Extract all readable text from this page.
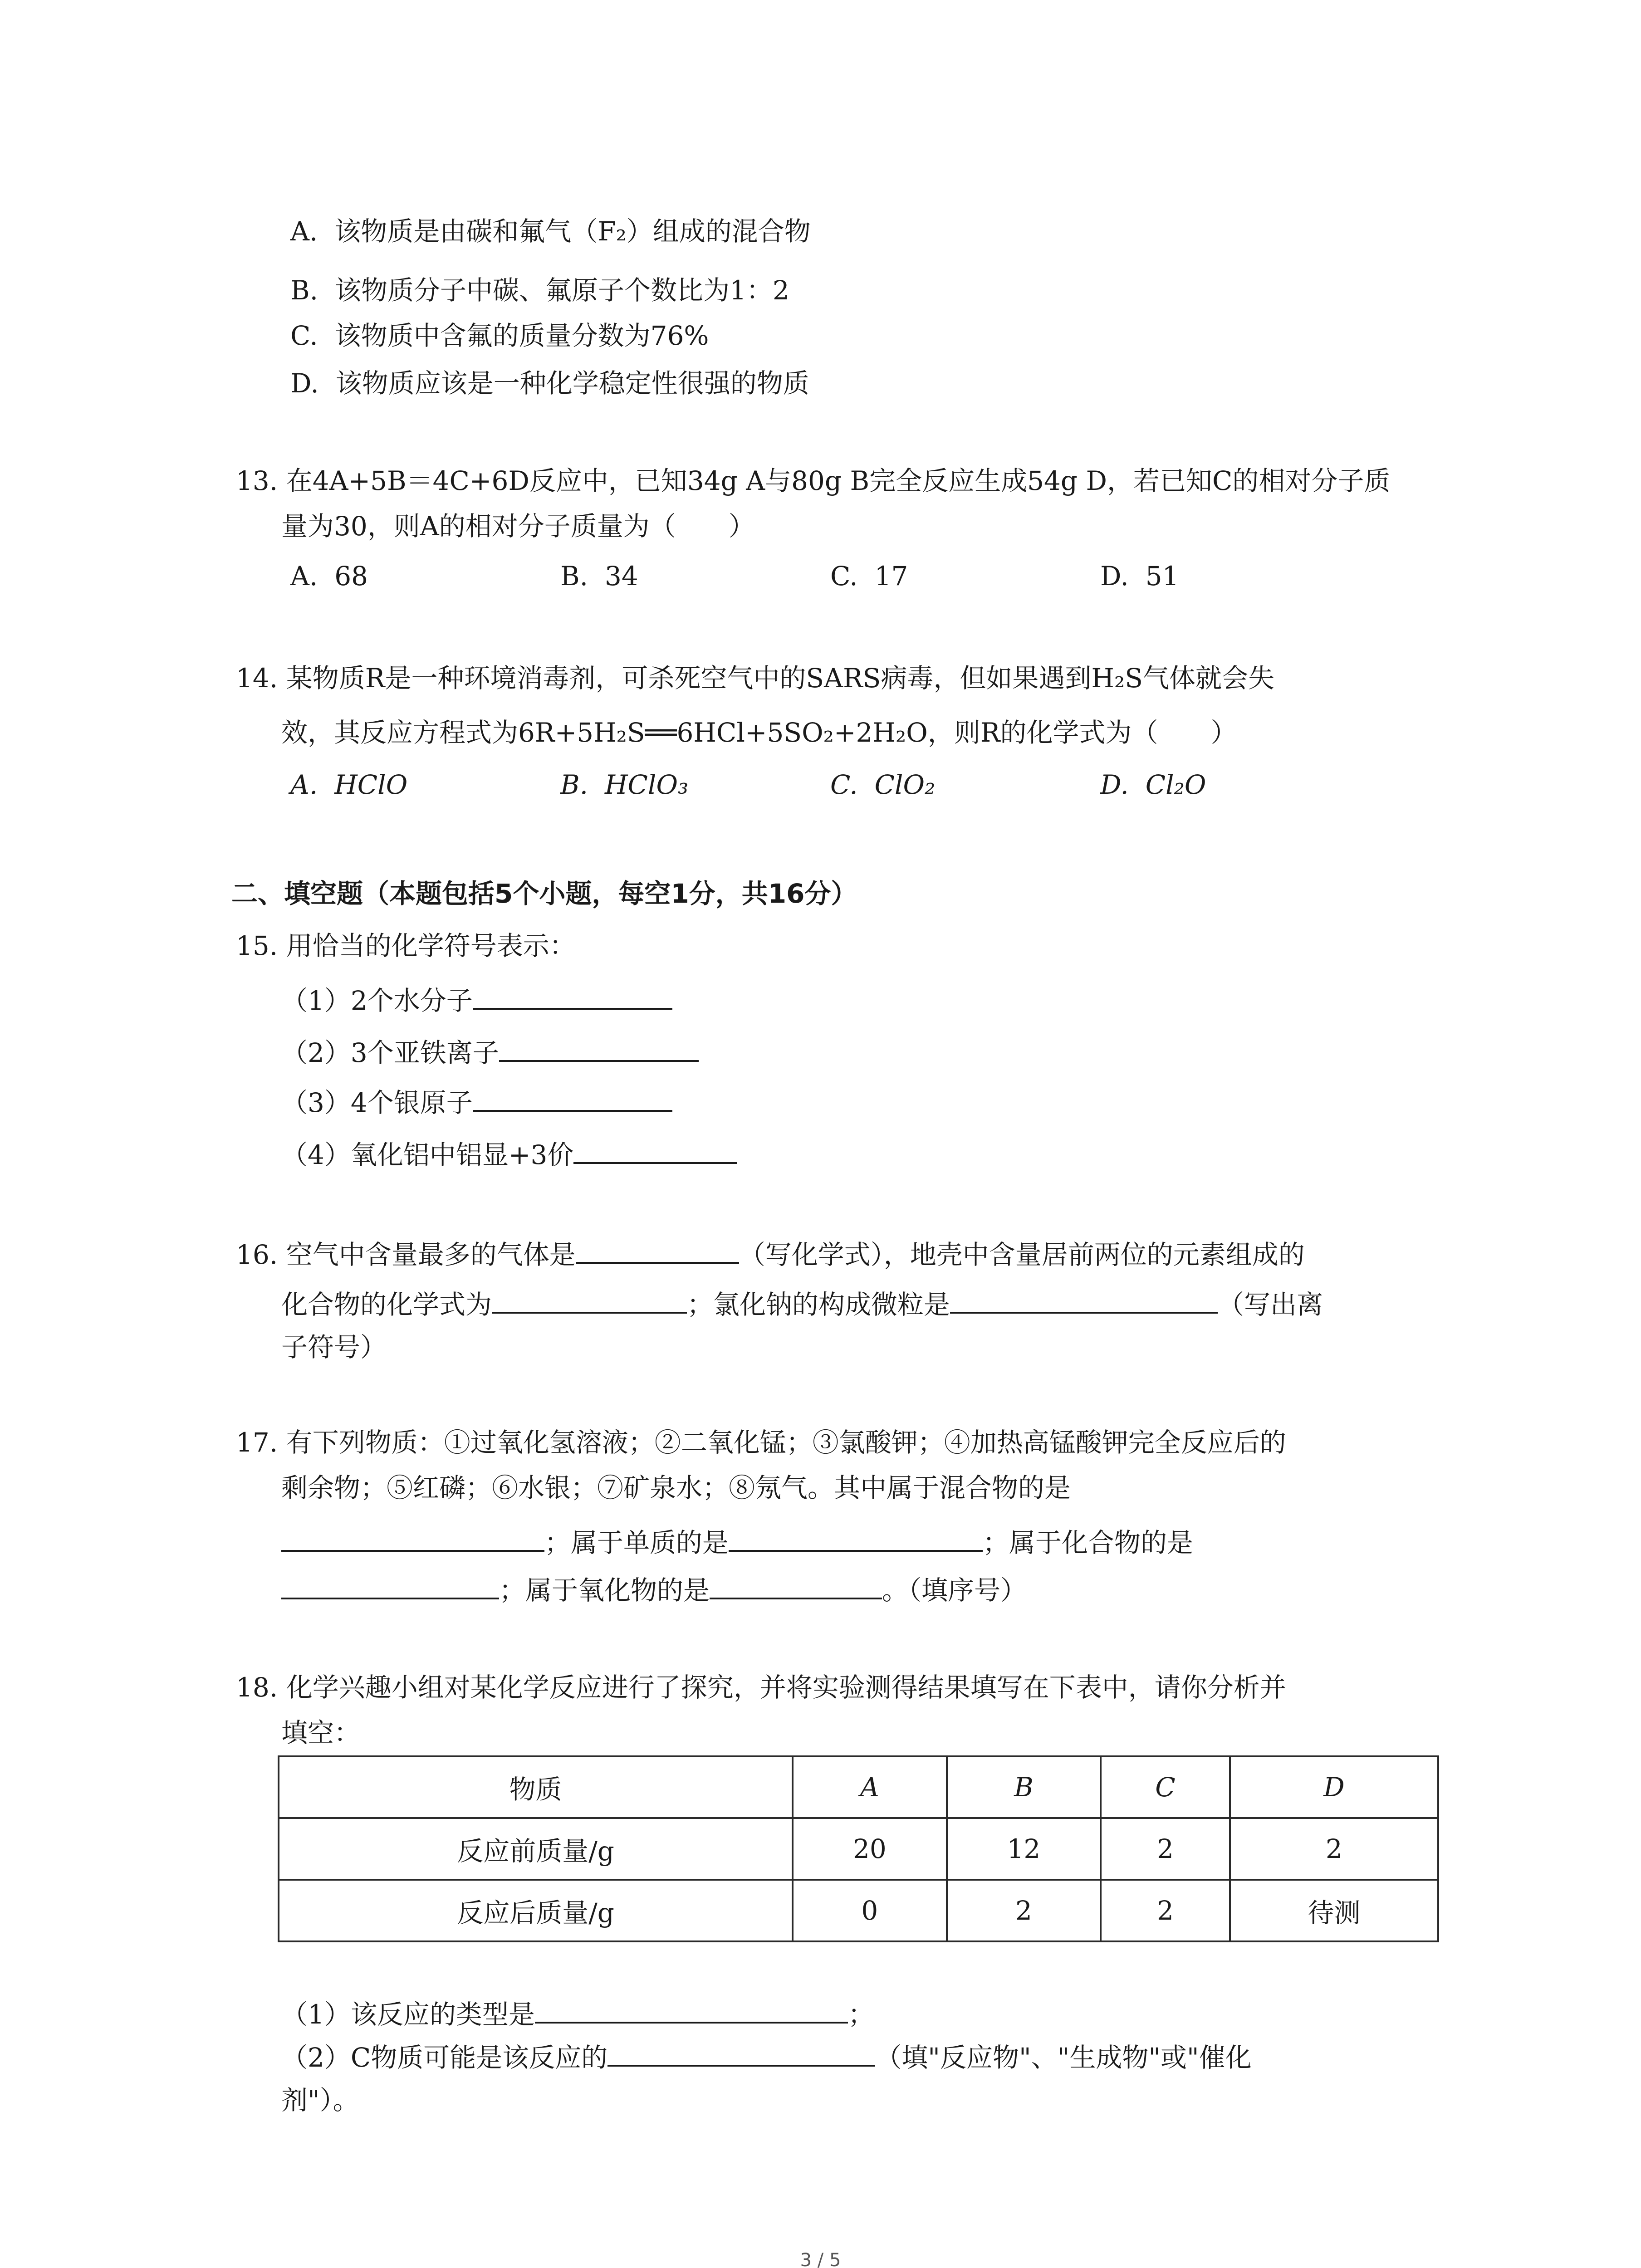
A. 该物质是由碳和氟气（F₂）组成的混合物
B. 该物质分子中碳、氟原子个数比为1：2
C. 该物质中含氟的质量分数为76%
D. 该物质应该是一种化学稳定性很强的物质
13. 在4A+5B＝4C+6D反应中，已知34g A与80g B完全反应生成54g D，若已知C的相对分子质
量为30，则A的相对分子质量为（　　）
A. 68	B. 34	C. 17	D. 51
14. 某物质R是一种环境消毒剂，可杀死空气中的SARS病毒，但如果遇到H₂S气体就会失
效，其反应方程式为6R+5H₂S══6HCl+5SO₂+2H₂O，则R的化学式为（　　）
A. HClO	B. HClO₃	C. ClO₂	D. Cl₂O
二、填空题（本题包括5个小题，每空1分，共16分）
15. 用恰当的化学符号表示：
（1）2个水分子
（2）3个亚铁离子
（3）4个银原子
（4）氧化铝中铝显+3价
16. 空气中含量最多的气体是	（写化学式），地壳中含量居前两位的元素组成的
化合物的化学式为	；氯化钠的构成微粒是	（写出离
子符号）
17. 有下列物质：①过氧化氢溶液；②二氧化锰；③氯酸钾；④加热高锰酸钾完全反应后的
剩余物；⑤红磷；⑥水银；⑦矿泉水；⑧氖气。其中属于混合物的是
；属于单质的是	；属于化合物的是
；属于氧化物的是	。（填序号）
18. 化学兴趣小组对某化学反应进行了探究，并将实验测得结果填写在下表中，请你分析并
填空：
物质	A	B	C	D
反应前质量/g	20	12	2	2
反应后质量/g	0	2	2	待测
（1）该反应的类型是	；
（2）C物质可能是该反应的	（填"反应物"、"生成物"或"催化
剂"）。
3 / 5
